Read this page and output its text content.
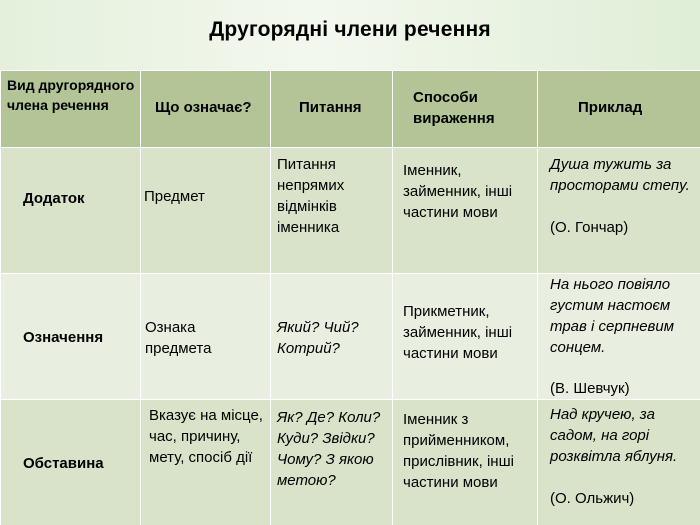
Другорядні члени речення
Вид другорядного члена речення	Що означає?	Питання	Способи вираження	Приклад

Додаток	Предмет	Питання непрямих відмінків іменника	Іменник, займенник, інші частини мови	Душа тужить за просторами степу.
(О. Гончар)

Означення	Ознака предмета	Який? Чий? Котрий?	Прикметник, займенник, інші частини мови	На нього повіяло густим настоєм трав і серпневим сонцем.
(В. Шевчук)

Обставина	Вказує на місце, час, причину, мету, спосіб дії	Як? Де? Коли? Куди? Звідки? Чому? З якою метою?	Іменник з прийменником, прислівник, інші частини мови	Над кручею, за садом, на горі розквітла яблуня.
(О. Ольжич)
